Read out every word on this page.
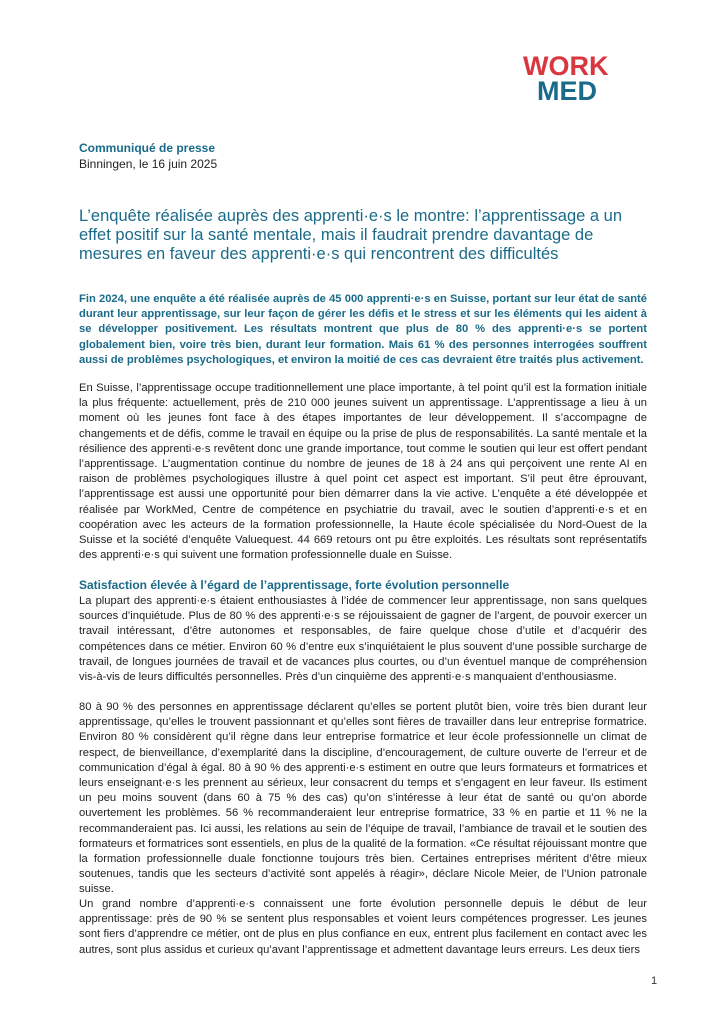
WORK
MED
Communiqué de presse
Binningen, le 16 juin 2025
L’enquête réalisée auprès des apprenti·e·s le montre: l’apprentissage a un effet positif sur la santé mentale, mais il faudrait prendre davantage de mesures en faveur des apprenti·e·s qui rencontrent des difficultés

Fin 2024, une enquête a été réalisée auprès de 45 000 apprenti·e·s en Suisse, portant sur leur état de santé durant leur apprentissage, sur leur façon de gérer les défis et le stress et sur les éléments qui les aident à se développer positivement. Les résultats montrent que plus de 80 % des apprenti·e·s se portent globalement bien, voire très bien, durant leur formation. Mais 61 % des personnes interrogées souffrent aussi de problèmes psychologiques, et environ la moitié de ces cas devraient être traités plus activement.

En Suisse, l’apprentissage occupe traditionnellement une place importante, à tel point qu’il est la formation initiale la plus fréquente: actuellement, près de 210 000 jeunes suivent un apprentissage. L’apprentissage a lieu à un moment où les jeunes font face à des étapes importantes de leur développement. Il s’accompagne de changements et de défis, comme le travail en équipe ou la prise de plus de responsabilités. La santé mentale et la résilience des apprenti·e·s revêtent donc une grande importance, tout comme le soutien qui leur est offert pendant l’apprentissage. L’augmentation continue du nombre de jeunes de 18 à 24 ans qui perçoivent une rente AI en raison de problèmes psychologiques illustre à quel point cet aspect est important. S’il peut être éprouvant, l’apprentissage est aussi une opportunité pour bien démarrer dans la vie active. L’enquête a été développée et réalisée par WorkMed, Centre de compétence en psychiatrie du travail, avec le soutien d’apprenti·e·s et en coopération avec les acteurs de la formation professionnelle, la Haute école spécialisée du Nord-Ouest de la Suisse et la société d’enquête Valuequest. 44 669 retours ont pu être exploités. Les résultats sont représentatifs des apprenti·e·s qui suivent une formation professionnelle duale en Suisse.

Satisfaction élevée à l’égard de l’apprentissage, forte évolution personnelle

La plupart des apprenti·e·s étaient enthousiastes à l’idée de commencer leur apprentissage, non sans quelques sources d’inquiétude. Plus de 80 % des apprenti·e·s se réjouissaient de gagner de l’argent, de pouvoir exercer un travail intéressant, d’être autonomes et responsables, de faire quelque chose d’utile et d’acquérir des compétences dans ce métier. Environ 60 % d’entre eux s’inquiétaient le plus souvent d’une possible surcharge de travail, de longues journées de travail et de vacances plus courtes, ou d’un éventuel manque de compréhension vis-à-vis de leurs difficultés personnelles. Près d’un cinquième des apprenti·e·s manquaient d’enthousiasme.

80 à 90 % des personnes en apprentissage déclarent qu’elles se portent plutôt bien, voire très bien durant leur apprentissage, qu’elles le trouvent passionnant et qu’elles sont fières de travailler dans leur entreprise formatrice. Environ 80 % considèrent qu’il règne dans leur entreprise formatrice et leur école professionnelle un climat de respect, de bienveillance, d’exemplarité dans la discipline, d’encouragement, de culture ouverte de l’erreur et de communication d’égal à égal. 80 à 90 % des apprenti·e·s estiment en outre que leurs formateurs et formatrices et leurs enseignant·e·s les prennent au sérieux, leur consacrent du temps et s’engagent en leur faveur. Ils estiment un peu moins souvent (dans 60 à 75 % des cas) qu’on s’intéresse à leur état de santé ou qu’on aborde ouvertement les problèmes. 56 % recommanderaient leur entreprise formatrice, 33 % en partie et 11 % ne la recommanderaient pas. Ici aussi, les relations au sein de l’équipe de travail, l’ambiance de travail et le soutien des formateurs et formatrices sont essentiels, en plus de la qualité de la formation. «Ce résultat réjouissant montre que la formation professionnelle duale fonctionne toujours très bien. Certaines entreprises méritent d’être mieux soutenues, tandis que les secteurs d’activité sont appelés à réagir», déclare Nicole Meier, de l’Union patronale suisse.

Un grand nombre d’apprenti·e·s connaissent une forte évolution personnelle depuis le début de leur apprentissage: près de 90 % se sentent plus responsables et voient leurs compétences progresser. Les jeunes sont fiers d’apprendre ce métier, ont de plus en plus confiance en eux, entrent plus facilement en contact avec les autres, sont plus assidus et curieux qu’avant l’apprentissage et admettent davantage leurs erreurs. Les deux tiers

1
